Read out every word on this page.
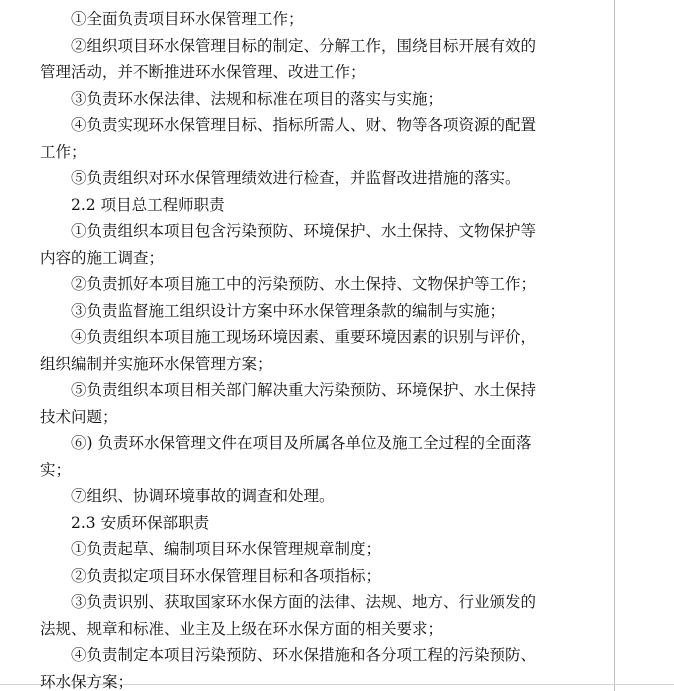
①全面负责项目环水保管理工作；
②组织项目环水保管理目标的制定、分解工作，围绕目标开展有效的
管理活动，并不断推进环水保管理、改进工作；
③负责环水保法律、法规和标准在项目的落实与实施；
④负责实现环水保管理目标、指标所需人、财、物等各项资源的配置
工作；
⑤负责组织对环水保管理绩效进行检查，并监督改进措施的落实。
2.2 项目总工程师职责
①负责组织本项目包含污染预防、环境保护、水土保持、文物保护等
内容的施工调查；
②负责抓好本项目施工中的污染预防、水土保持、文物保护等工作；
③负责监督施工组织设计方案中环水保管理条款的编制与实施；
④负责组织本项目施工现场环境因素、重要环境因素的识别与评价，
组织编制并实施环水保管理方案；
⑤负责组织本项目相关部门解决重大污染预防、环境保护、水土保持
技术问题；
⑥) 负责环水保管理文件在项目及所属各单位及施工全过程的全面落
实；
⑦组织、协调环境事故的调查和处理。
2.3 安质环保部职责
①负责起草、编制项目环水保管理规章制度；
②负责拟定项目环水保管理目标和各项指标；
③负责识别、获取国家环水保方面的法律、法规、地方、行业颁发的
法规、规章和标准、业主及上级在环水保方面的相关要求；
④负责制定本项目污染预防、环水保措施和各分项工程的污染预防、
环水保方案；
